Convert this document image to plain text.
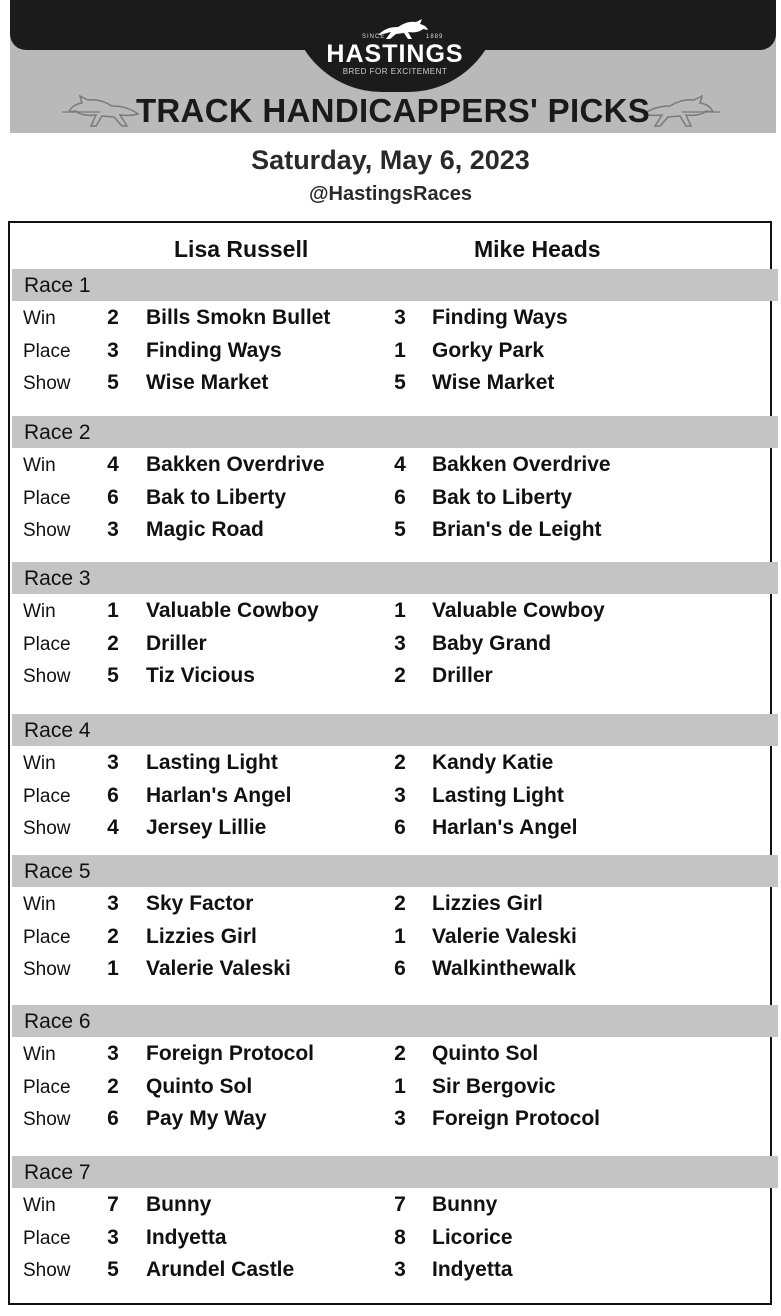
SINCE	1889
HASTINGS
BRED FOR EXCITEMENT
TRACK HANDICAPPERS' PICKS
Saturday, May 6, 2023
@HastingsRaces
Lisa Russell	Mike Heads
Race 1
Win 2 Bills Smokn Bullet	3 Finding Ways
Place 3 Finding Ways	1 Gorky Park
Show 5 Wise Market	5 Wise Market
Race 2
Win 4 Bakken Overdrive	4 Bakken Overdrive
Place 6 Bak to Liberty	6 Bak to Liberty
Show 3 Magic Road	5 Brian's de Leight
Race 3
Win 1 Valuable Cowboy	1 Valuable Cowboy
Place 2 Driller	3 Baby Grand
Show 5 Tiz Vicious	2 Driller
Race 4
Win 3 Lasting Light	2 Kandy Katie
Place 6 Harlan's Angel	3 Lasting Light
Show 4 Jersey Lillie	6 Harlan's Angel
Race 5
Win 3 Sky Factor	2 Lizzies Girl
Place 2 Lizzies Girl	1 Valerie Valeski
Show 1 Valerie Valeski	6 Walkinthewalk
Race 6
Win 3 Foreign Protocol	2 Quinto Sol
Place 2 Quinto Sol	1 Sir Bergovic
Show 6 Pay My Way	3 Foreign Protocol
Race 7
Win 7 Bunny	7 Bunny
Place 3 Indyetta	8 Licorice
Show 5 Arundel Castle	3 Indyetta
